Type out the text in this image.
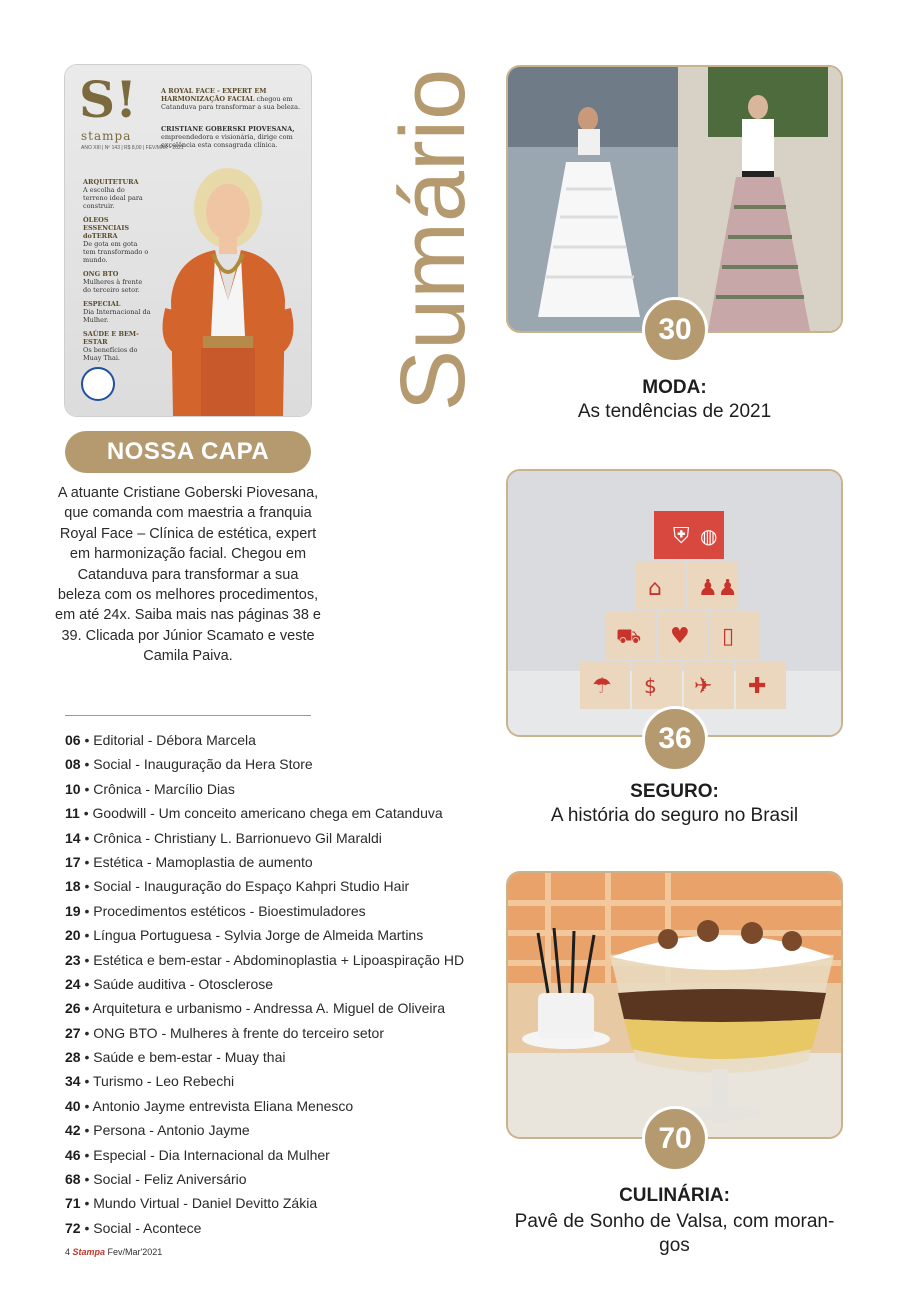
S!
stampa
ANO XIII | Nº 143 | R$ 8,00 | FEV/MAR • 2021
A ROYAL FACE - EXPERT EM HARMONIZAÇÃO FACIAL chegou em Catanduva para transformar a sua beleza.
CRISTIANE GOBERSKI PIOVESANA, empreendedora e visionária, dirige com excelência esta consagrada clínica.
ARQUITETURA
A escolha do terreno ideal para construir.
ÓLEOS ESSENCIAIS doTERRA
De gota em gota tem transformado o mundo.
ONG BTO
Mulheres à frente do terceiro setor.
ESPECIAL
Dia Internacional da Mulher.
SAÚDE E BEM-ESTAR
Os benefícios do Muay Thai.
NOSSA CAPA
A atuante Cristiane Goberski Piovesana, que comanda com maestria a franquia Royal Face – Clínica de estética, expert em harmonização facial. Chegou em Catanduva para transformar a sua beleza com os melhores procedimentos, em até 24x. Saiba mais nas páginas 38 e 39. Clicada por Júnior Scamato e veste Camila Paiva.
06 • Editorial - Débora Marcela
08 • Social - Inauguração da Hera Store
10 • Crônica - Marcílio Dias
11 • Goodwill - Um conceito americano chega em Catanduva
14 • Crônica - Christiany L. Barrionuevo Gil Maraldi
17 • Estética - Mamoplastia de aumento
18 • Social - Inauguração do Espaço Kahpri Studio Hair
19 • Procedimentos estéticos - Bioestimuladores
20 • Língua Portuguesa - Sylvia Jorge de Almeida Martins
23 • Estética e bem-estar - Abdominoplastia + Lipoaspiração HD
24 • Saúde auditiva - Otosclerose
26 • Arquitetura e urbanismo - Andressa A. Miguel de Oliveira
27 • ONG BTO - Mulheres à frente do terceiro setor
28 • Saúde e bem-estar - Muay thai
34 • Turismo - Leo Rebechi
40 • Antonio Jayme entrevista Eliana Menesco
42 • Persona - Antonio Jayme
46 • Especial - Dia Internacional da Mulher
68 • Social - Feliz Aniversário
71 • Mundo Virtual - Daniel Devitto Zákia
72 • Social - Acontece
4 Stampa Fev/Mar'2021
Sumário	30
MODA:
As tendências de 2021
⛨ ◍
⌂ ♟♟
⛟ ♥ ▯
☂ $ ✈ ✚
36
SEGURO:
A história do seguro no Brasil
70
CULINÁRIA:
Pavê de Sonho de Valsa, com moran-
gos
